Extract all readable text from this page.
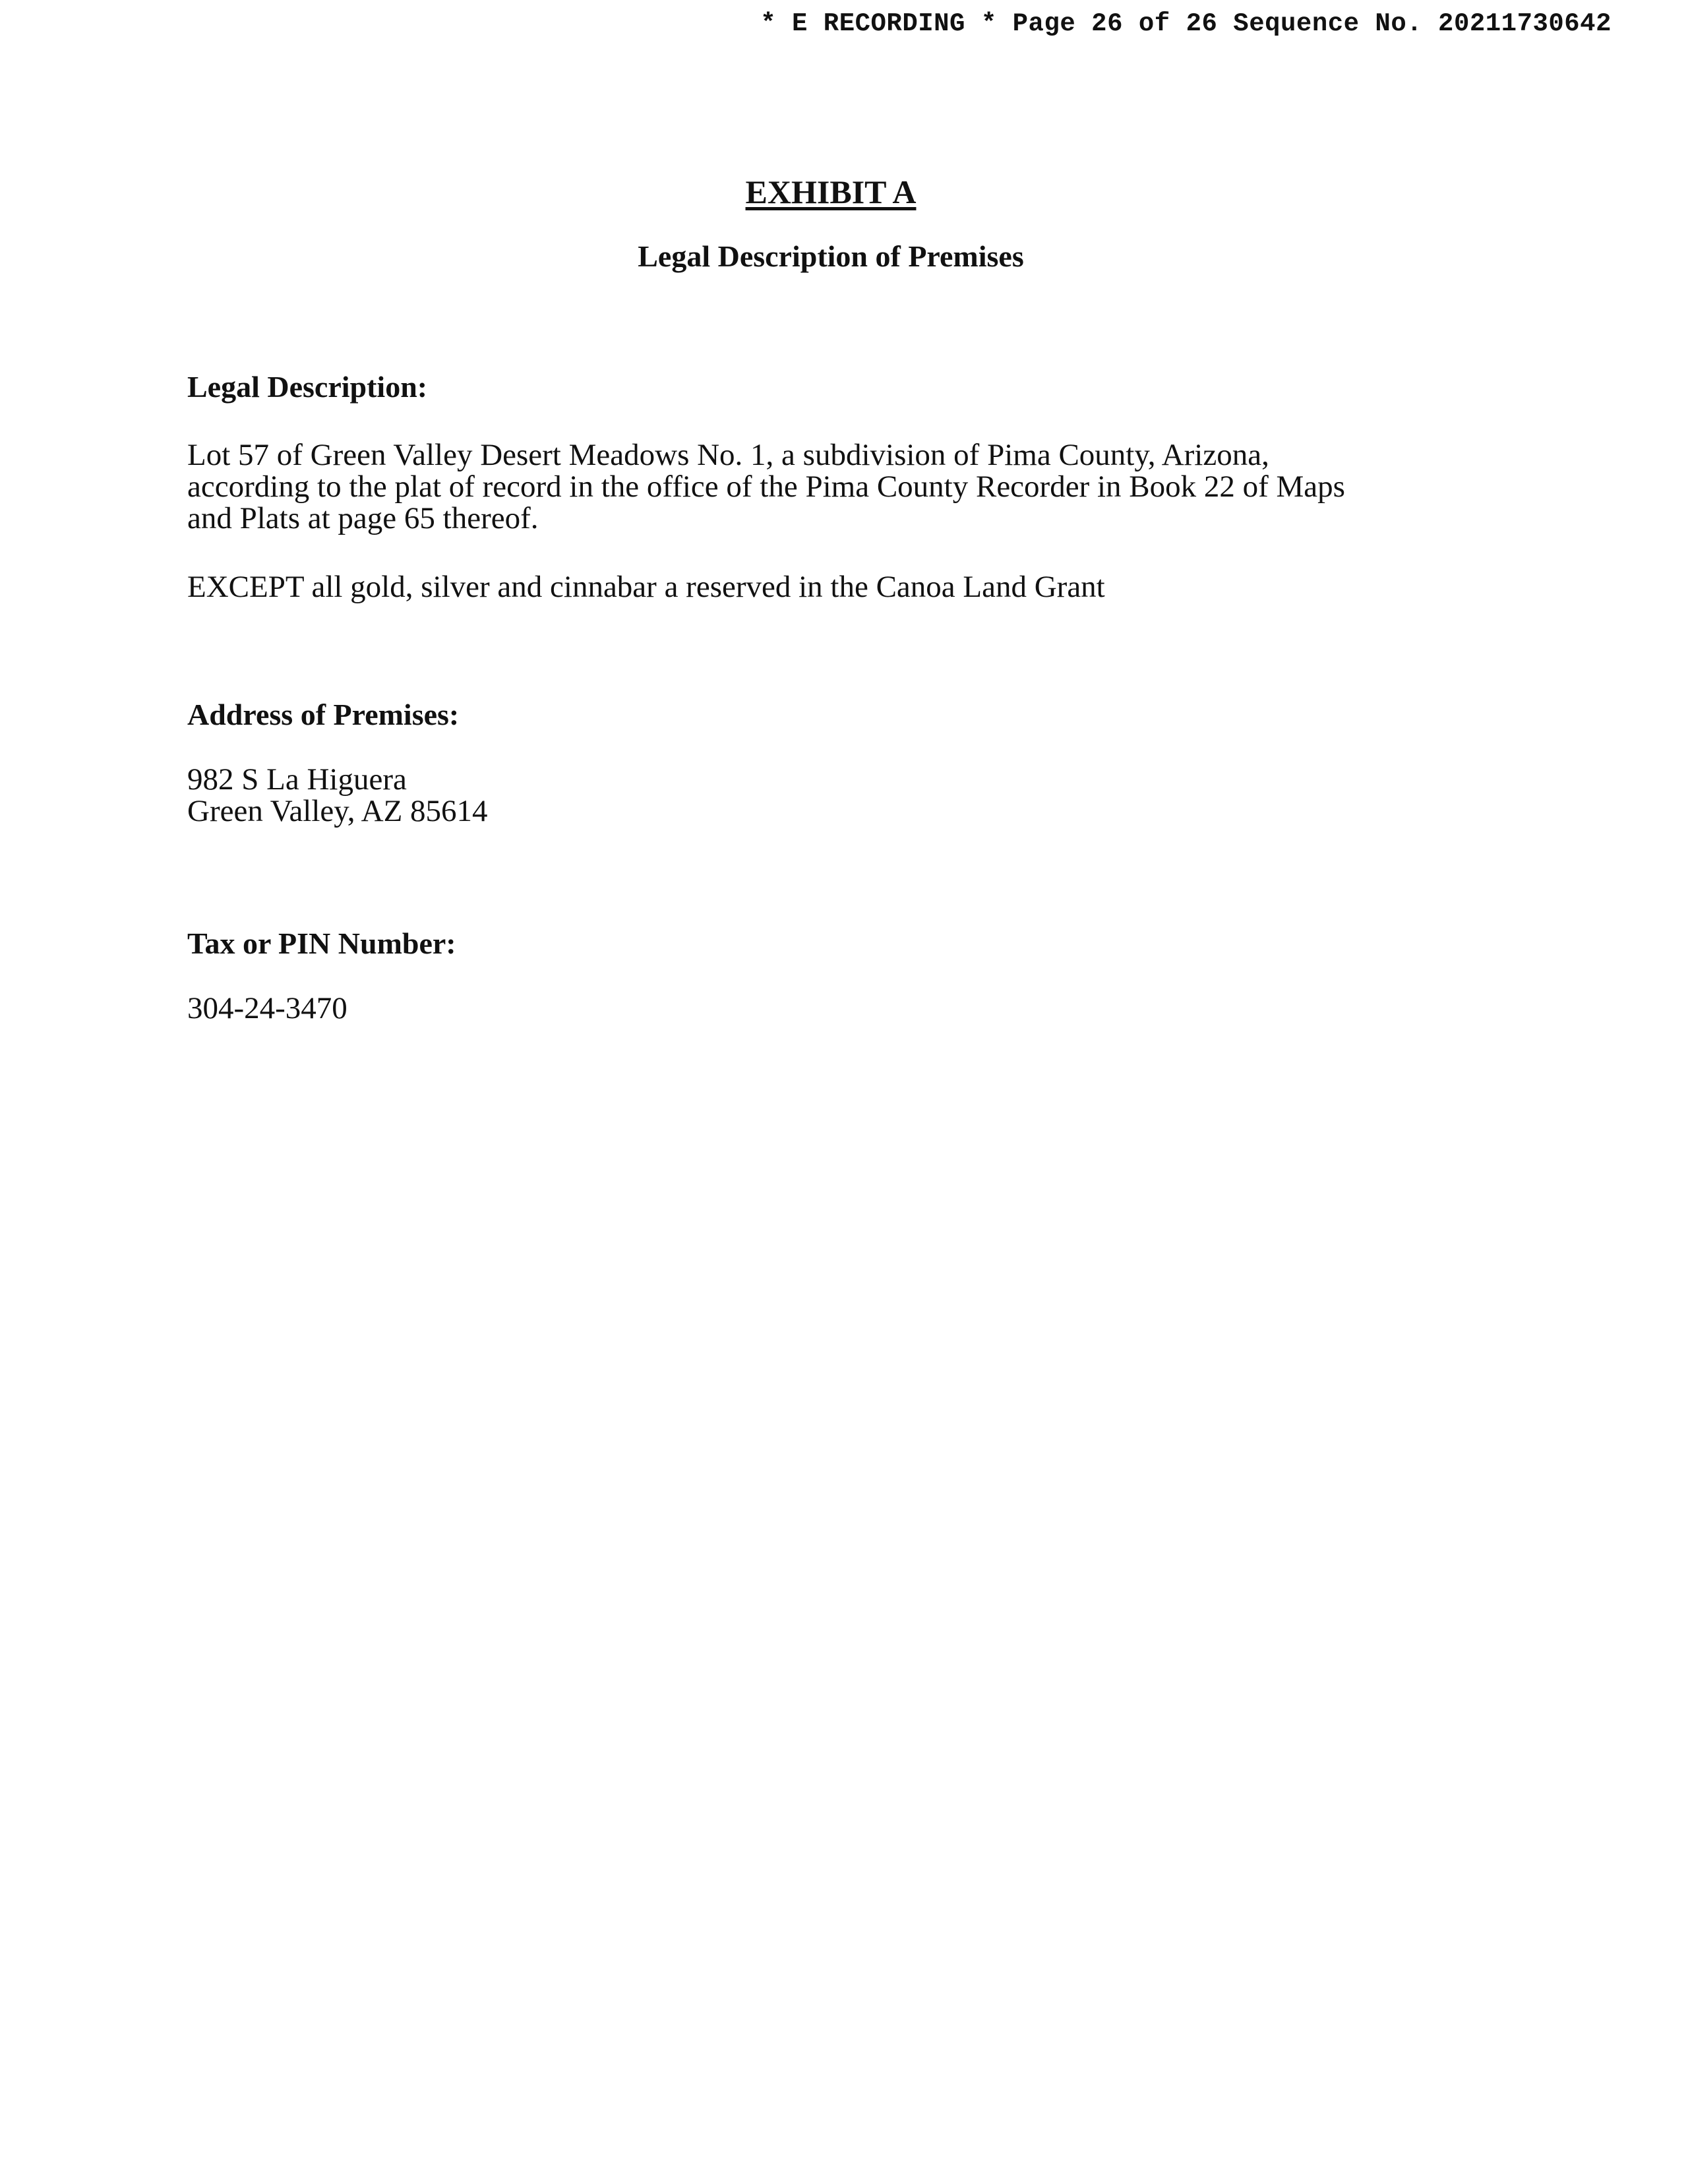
* E RECORDING * Page 26 of 26 Sequence No. 20211730642
EXHIBIT A
Legal Description of Premises
Legal Description:
Lot 57 of Green Valley Desert Meadows No. 1, a subdivision of Pima County, Arizona,
according to the plat of record in the office of the Pima County Recorder in Book 22 of Maps
and Plats at page 65 thereof.
EXCEPT all gold, silver and cinnabar a reserved in the Canoa Land Grant
Address of Premises:
982 S La Higuera
Green Valley, AZ 85614
Tax or PIN Number:
304-24-3470
